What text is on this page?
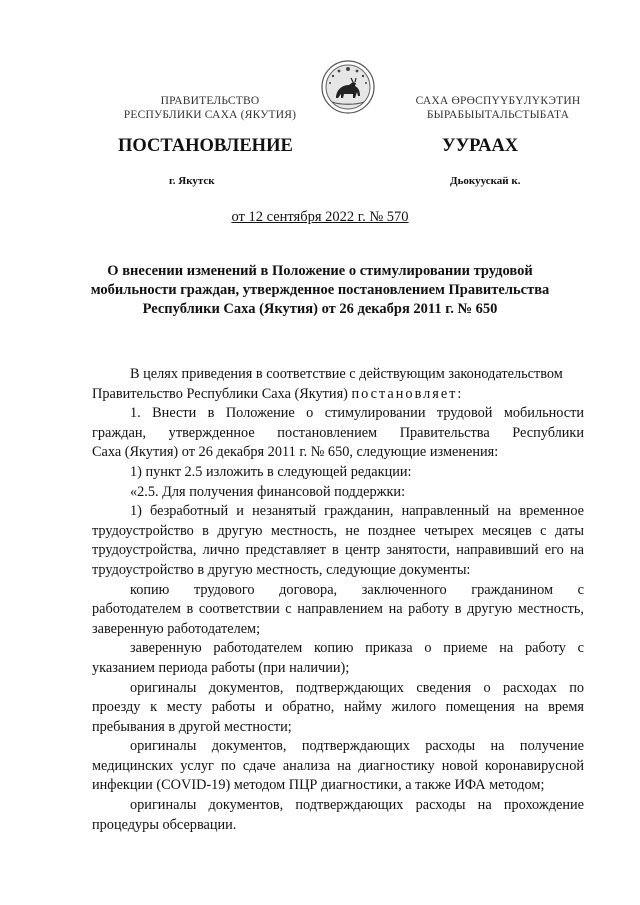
ПРАВИТЕЛЬСТВО
РЕСПУБЛИКИ САХА (ЯКУТИЯ)
САХА ӨРӨСПҮҮБҮЛҮКЭТИН
БЫРАБЫЫТАЛЬСТЫБАТА
ПОСТАНОВЛЕНИЕ	УУРААХ
г. Якутск	Дьокуускай к.
от 12 сентября 2022 г. № 570
О внесении изменений в Положение о стимулировании трудовой
мобильности граждан, утвержденное постановлением Правительства
Республики Саха (Якутия) от 26 декабря 2011 г. № 650

В целях приведения в соответствие с действующим законодательством

Правительство Республики Саха (Якутия) постановляет:

1. Внести в Положение о стимулировании трудовой мобильности

граждан, утвержденное постановлением Правительства Республики

Саха (Якутия) от 26 декабря 2011 г. № 650, следующие изменения:

1) пункт 2.5 изложить в следующей редакции:

«2.5. Для получения финансовой поддержки:

1) безработный и незанятый гражданин, направленный на временное

трудоустройство в другую местность, не позднее четырех месяцев с даты

трудоустройства, лично представляет в центр занятости, направивший его на

трудоустройство в другую местность, следующие документы:

копию трудового договора, заключенного гражданином с

работодателем в соответствии с направлением на работу в другую местность,

заверенную работодателем;

заверенную работодателем копию приказа о приеме на работу с

указанием периода работы (при наличии);

оригиналы документов, подтверждающих сведения о расходах по

проезду к месту работы и обратно, найму жилого помещения на время

пребывания в другой местности;

оригиналы документов, подтверждающих расходы на получение

медицинских услуг по сдаче анализа на диагностику новой коронавирусной

инфекции (COVID-19) методом ПЦР диагностики, а также ИФА методом;

оригиналы документов, подтверждающих расходы на прохождение

процедуры обсервации.
